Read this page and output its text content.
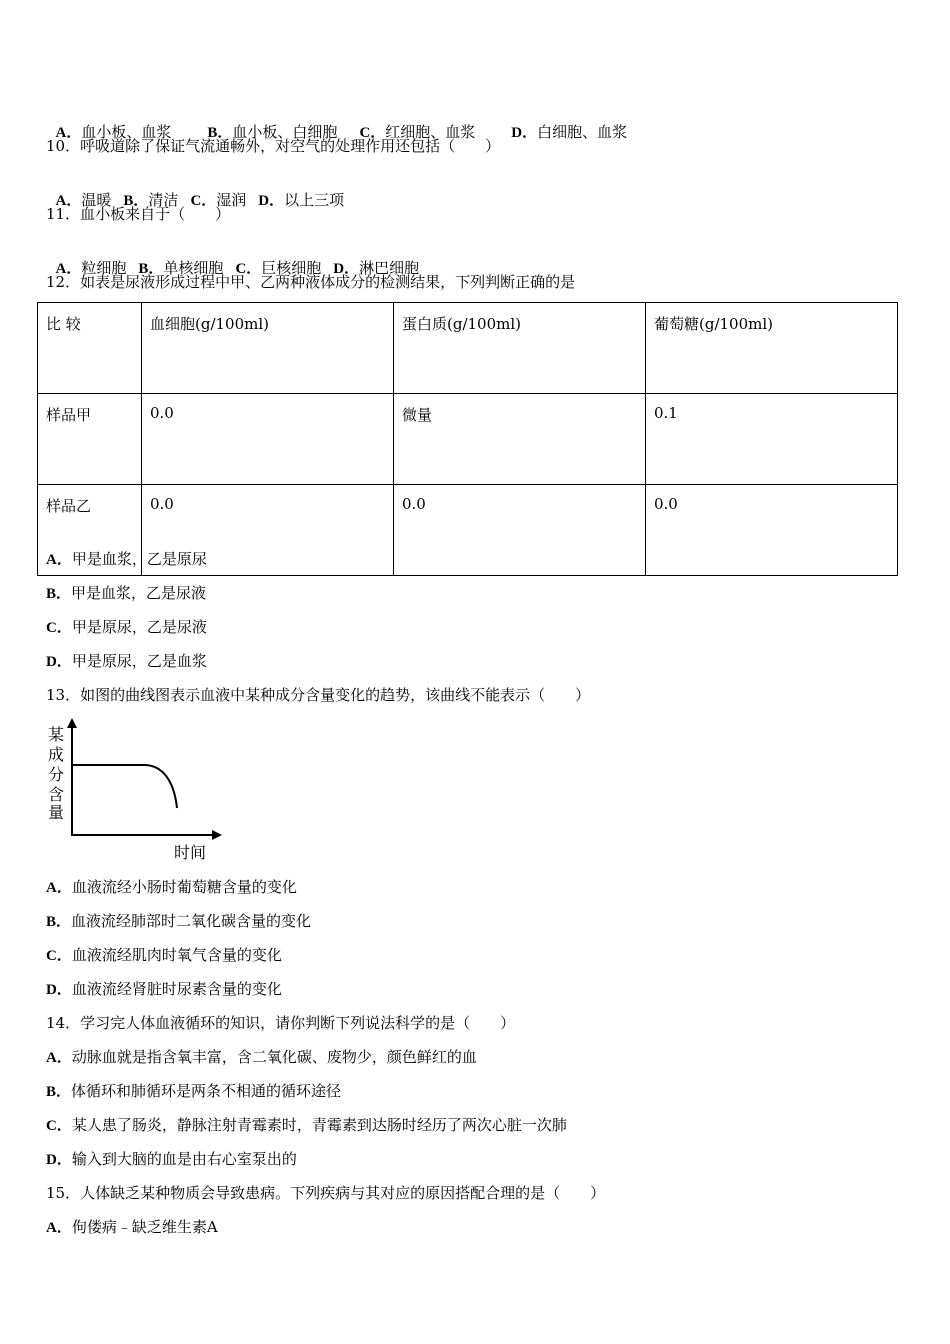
A．血小板、血浆 B．血小板、白细胞 C．红细胞、血浆 D．白细胞、血浆

10．呼吸道除了保证气流通畅外，对空气的处理作用还包括（　　）

A．温暖 B．清洁 C．湿润 D．以上三项

11．血小板来自于（　　）

A．粒细胞 B．单核细胞 C．巨核细胞 D．淋巴细胞

12．如表是尿液形成过程中甲、乙两种液体成分的检测结果，下列判断正确的是
比 较	血细胞(g/100ml)	蛋白质(g/100ml)	葡萄糖(g/100ml)
样品甲	0.0	微量	0.1
样品乙	0.0	0.0	0.0
A．甲是血浆，乙是原尿
B．甲是血浆，乙是尿液
C．甲是原尿，乙是尿液
D．甲是原尿，乙是血浆
13．如图的曲线图表示血液中某种成分含量变化的趋势，该曲线不能表示（　　）
某
成
分
含
量
时间
A．血液流经小肠时葡萄糖含量的变化
B．血液流经肺部时二氧化碳含量的变化
C．血液流经肌肉时氧气含量的变化
D．血液流经肾脏时尿素含量的变化
14．学习完人体血液循环的知识，请你判断下列说法科学的是（　　）
A．动脉血就是指含氧丰富，含二氧化碳、废物少，颜色鲜红的血
B．体循环和肺循环是两条不相通的循环途径
C．某人患了肠炎，静脉注射青霉素时，青霉素到达肠时经历了两次心脏一次肺
D．输入到大脑的血是由右心室泵出的
15．人体缺乏某种物质会导致患病。下列疾病与其对应的原因搭配合理的是（　　）
A．佝偻病﹣缺乏维生素A
